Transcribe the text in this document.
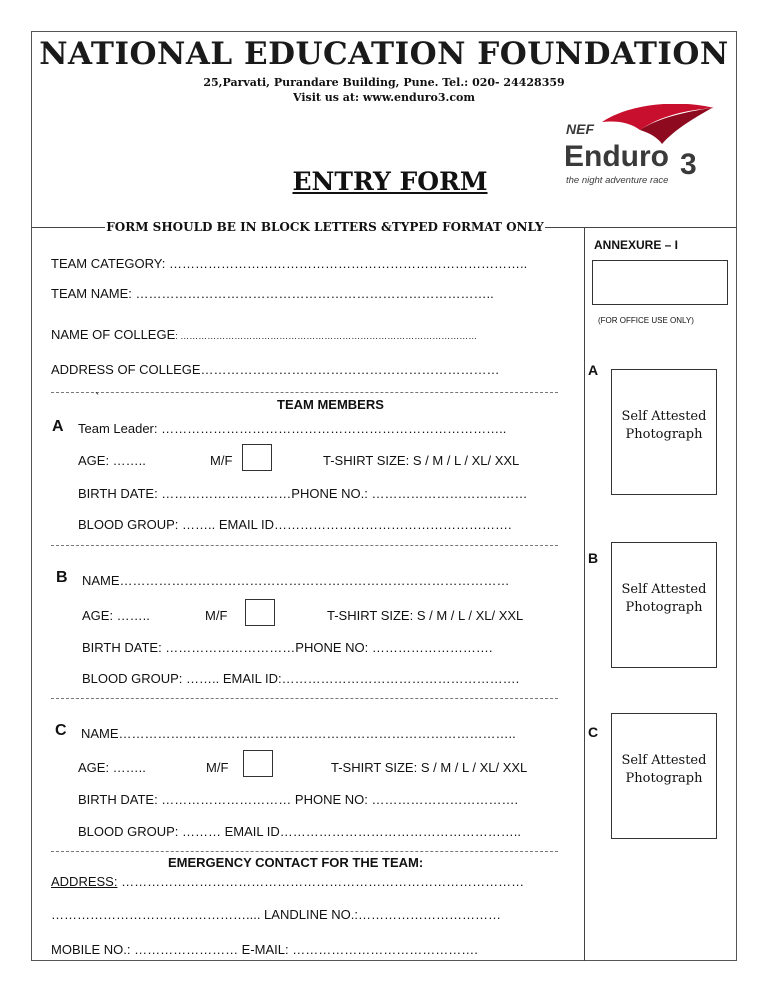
NATIONAL EDUCATION FOUNDATION
25,Parvati, Purandare Building, Pune. Tel.: 020- 24428359
Visit us at: www.enduro3.com
NEF
Enduro 3
the night adventure race
ENTRY FORM
FORM SHOULD BE IN BLOCK LETTERS &TYPED FORMAT ONLY
ANNEXURE – I
(FOR OFFICE USE ONLY)
TEAM CATEGORY: ………………………………………………………………………..
TEAM NAME: ………………………………………………………………………..
NAME OF COLLEGE: ………………………………………………………………………………………
ADDRESS OF COLLEGE……………………………………………………………
`	TEAM MEMBERS
A Team Leader: ……………………………………………………………………..
AGE: ……..	M/F	T-SHIRT SIZE: S / M / L / XL/ XXL
BIRTH DATE: …………………………PHONE NO.: ………………………………
BLOOD GROUP: …….. EMAIL ID……………………………………………….
B NAME………………………………………………………………………………
AGE: ……..	M/F	T-SHIRT SIZE: S / M / L / XL/ XXL
BIRTH DATE: …………………………PHONE NO: ……………………….
BLOOD GROUP: …….. EMAIL ID:……………………………………………….
C NAME………………………………………………………………………………..
AGE: ……..	M/F	T-SHIRT SIZE: S / M / L / XL/ XXL
BIRTH DATE: ………………………… PHONE NO: …………………………….
BLOOD GROUP: ……… EMAIL ID………………………………………………..
EMERGENCY CONTACT FOR THE TEAM:
ADDRESS: …………………………………………………………………………………
……………………………………….... LANDLINE NO.:……………………………
MOBILE NO.: …………………… E-MAIL: …………………………………….
A
Self Attested
Photograph
B
Self Attested
Photograph
C
Self Attested
Photograph
